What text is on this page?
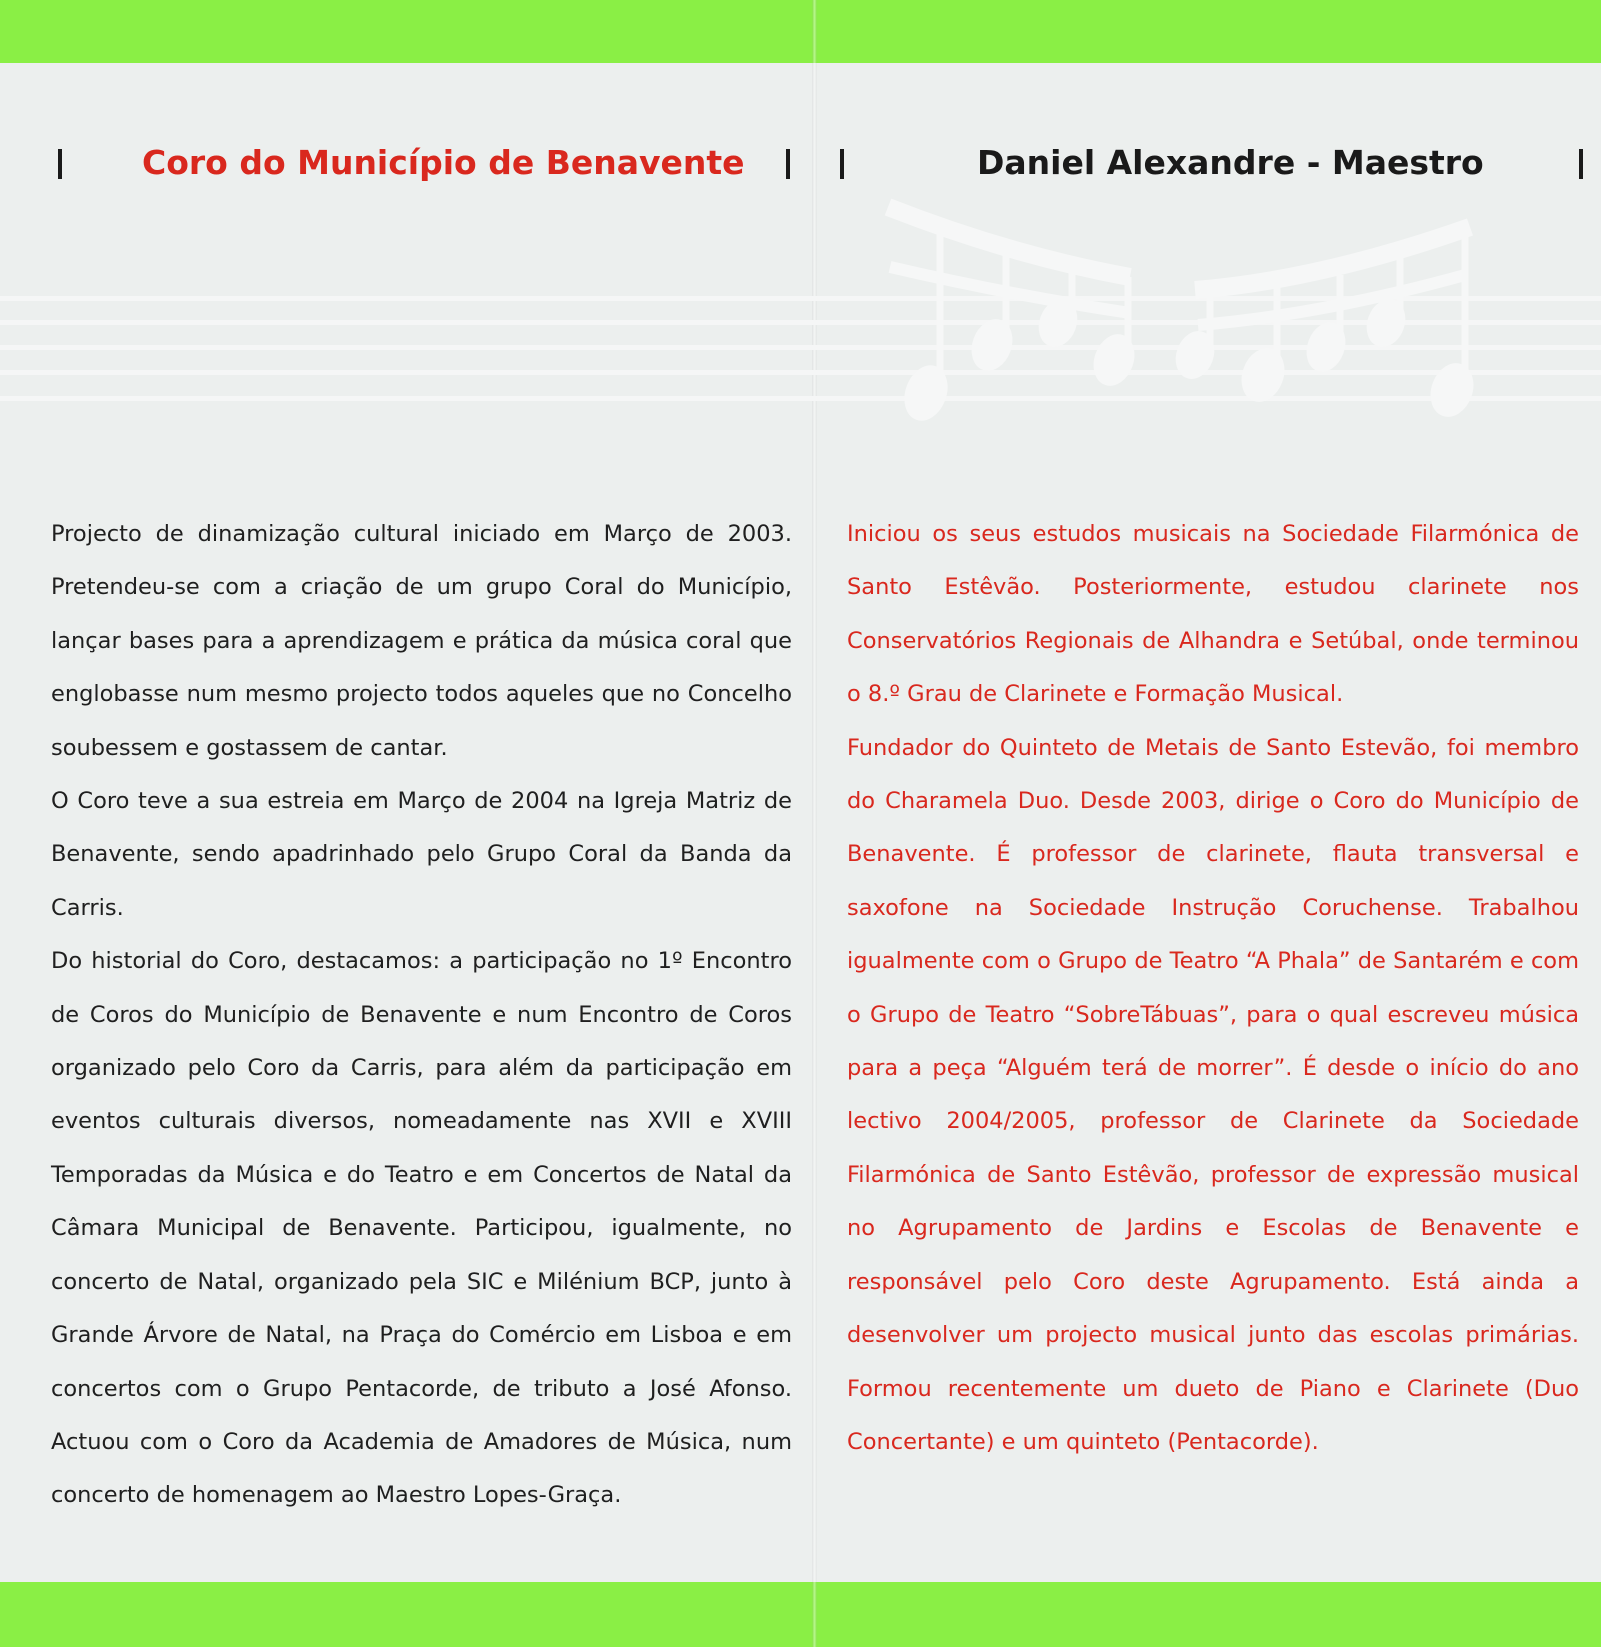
Coro do Município de Benavente	Daniel Alexandre - Maestro

Projecto de dinamização cultural iniciado em Março de 2003. Pretendeu-se com a criação de um grupo Coral do Município, lançar bases para a aprendizagem e prática da música coral que englobasse num mesmo projecto todos aqueles que no Concelho soubessem e gostassem de cantar.

O Coro teve a sua estreia em Março de 2004 na Igreja Matriz de Benavente, sendo apadrinhado pelo Grupo Coral da Banda da Carris.

Do historial do Coro, destacamos: a participação no 1º Encontro de Coros do Município de Benavente e num Encontro de Coros organizado pelo Coro da Carris, para além da participação em eventos culturais diversos, nomeadamente nas XVII e XVIII Temporadas da Música e do Teatro e em Concertos de Natal da Câmara Municipal de Benavente. Participou, igualmente, no concerto de Natal, organizado pela SIC e Milénium BCP, junto à Grande Árvore de Natal, na Praça do Comércio em Lisboa e em concertos com o Grupo Pentacorde, de tributo a José Afonso. Actuou com o Coro da Academia de Amadores de Música, num concerto de homenagem ao Maestro Lopes-Graça.

Iniciou os seus estudos musicais na Sociedade Filarmónica de Santo Estêvão. Posteriormente, estudou clarinete nos Conservatórios Regionais de Alhandra e Setúbal, onde terminou o 8.º Grau de Clarinete e Formação Musical.

Fundador do Quinteto de Metais de Santo Estevão, foi membro do Charamela Duo. Desde 2003, dirige o Coro do Município de Benavente. É professor de clarinete, flauta transversal e saxofone na Sociedade Instrução Coruchense. Trabalhou igualmente com o Grupo de Teatro “A Phala” de Santarém e com o Grupo de Teatro “SobreTábuas”, para o qual escreveu música para a peça “Alguém terá de morrer”. É desde o início do ano lectivo 2004/2005, professor de Clarinete da Sociedade Filarmónica de Santo Estêvão, professor de expressão musical no Agrupamento de Jardins e Escolas de Benavente e responsável pelo Coro deste Agrupamento. Está ainda a desenvolver um projecto musical junto das escolas primárias. Formou recentemente um dueto de Piano e Clarinete (Duo Concertante) e um quinteto (Pentacorde).
